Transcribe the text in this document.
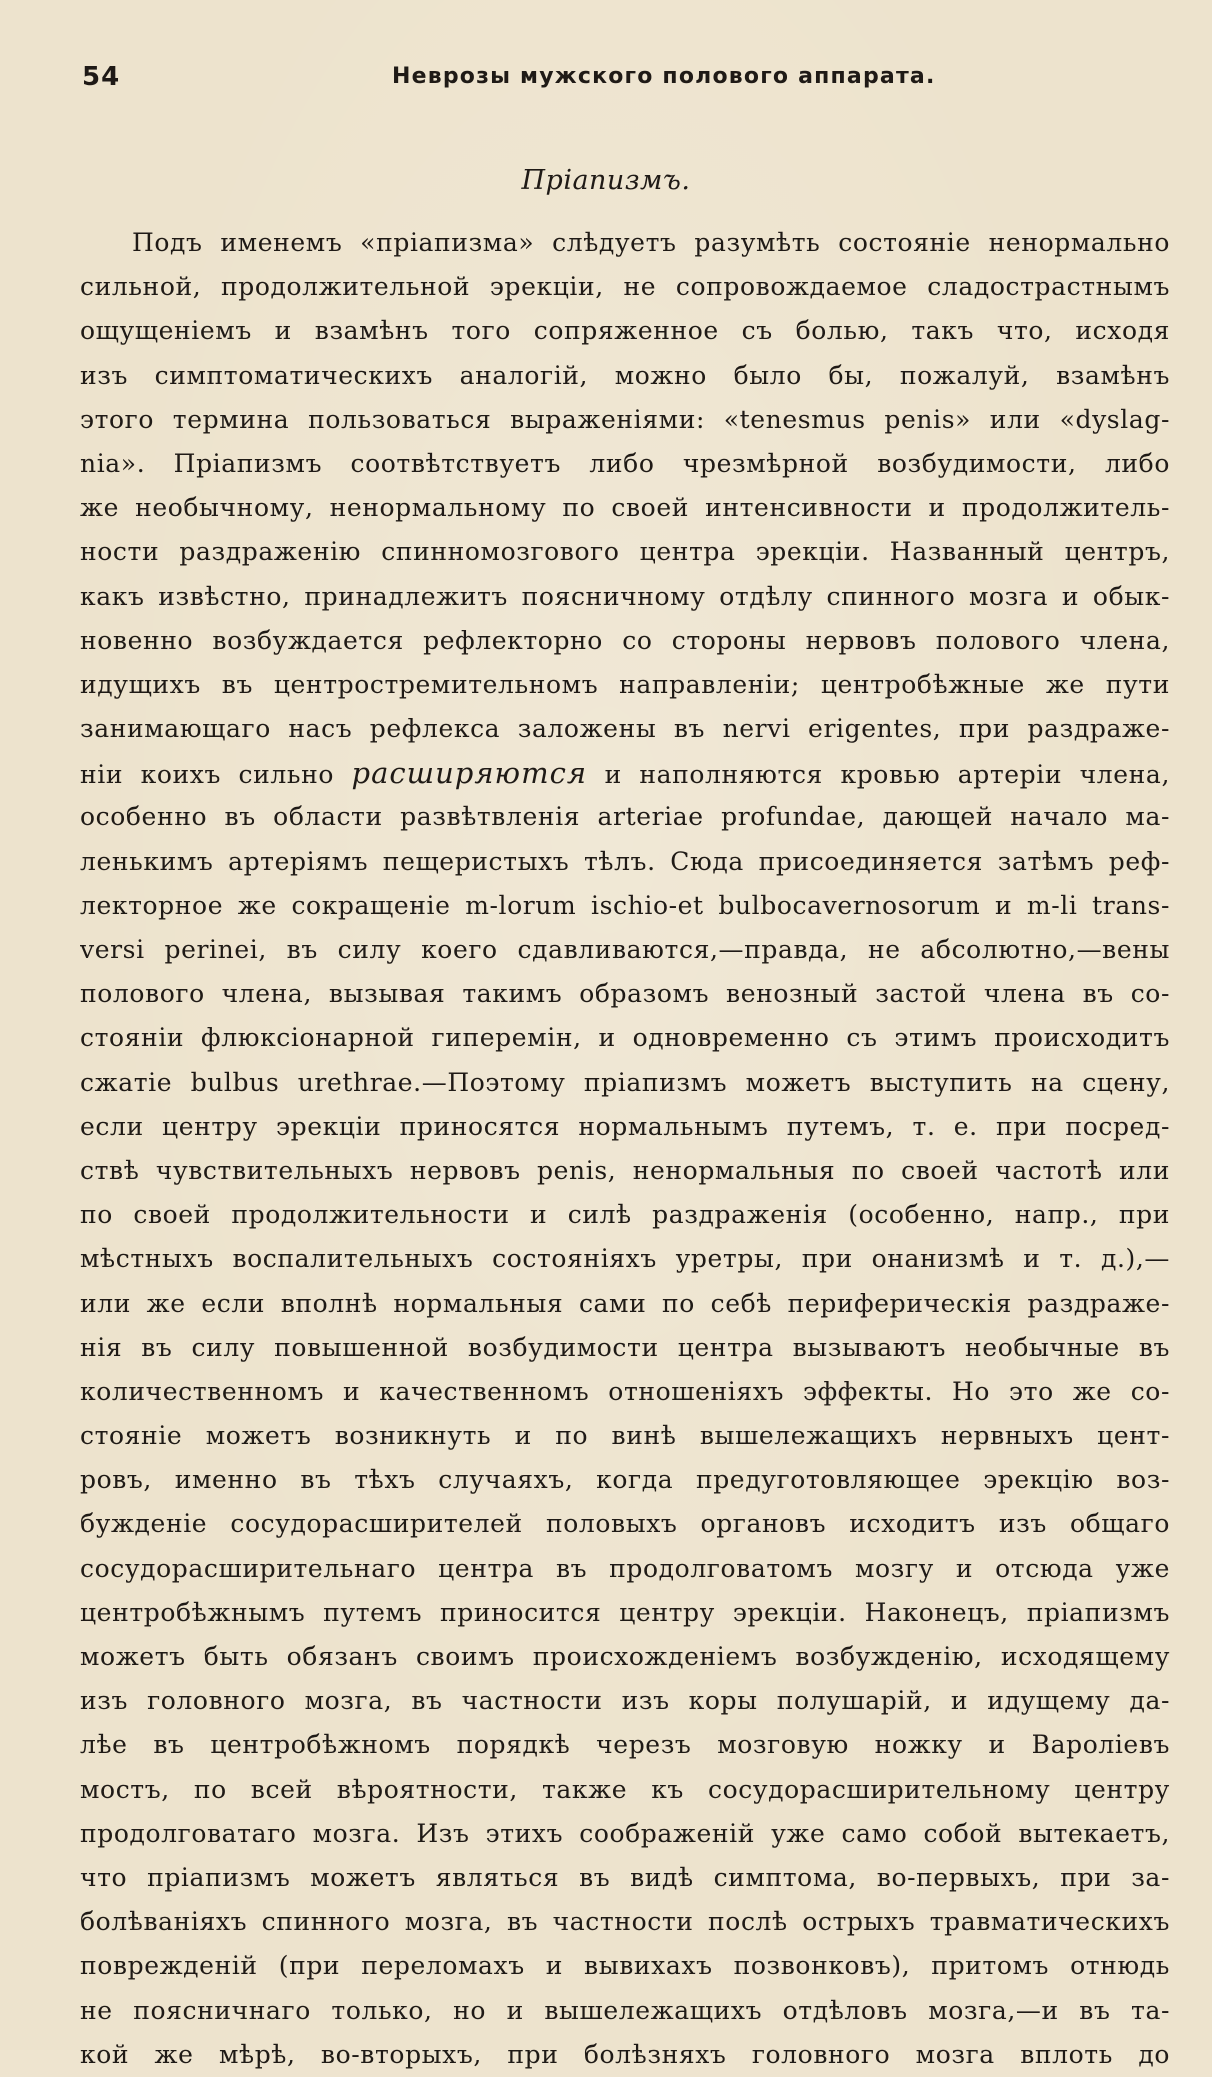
54	Неврозы мужского полового аппарата.
Пріапизмъ.
Подъ именемъ «пріапизма» слѣдуетъ разумѣть состояніе ненормально
сильной, продолжительной эрекціи, не сопровождаемое сладострастнымъ
ощущеніемъ и взамѣнъ того сопряженное съ болью, такъ что, исходя
изъ симптоматическихъ аналогій, можно было бы, пожалуй, взамѣнъ
этого термина пользоваться выраженіями: «tenesmus penis» или «dyslag-
nia». Пріапизмъ соотвѣтствуетъ либо чрезмѣрной возбудимости, либо
же необычному, ненормальному по своей интенсивности и продолжитель-
ности раздраженію спинномозгового центра эрекціи. Названный центръ,
какъ извѣстно, принадлежитъ поясничному отдѣлу спинного мозга и обык-
новенно возбуждается рефлекторно со стороны нервовъ полового члена,
идущихъ въ центростремительномъ направленіи; центробѣжные же пути
занимающаго насъ рефлекса заложены въ nervi erigentes, при раздраже-
ніи коихъ сильно расширяются и наполняются кровью артеріи члена,
особенно въ области развѣтвленія arteriae profundae, дающей начало ма-
ленькимъ артеріямъ пещеристыхъ тѣлъ. Сюда присоединяется затѣмъ реф-
лекторное же сокращеніе m-lorum ischio-et bulbocavernosorum и m-li trans-
versi perinei, въ силу коего сдавливаются,—правда, не абсолютно,—вены
полового члена, вызывая такимъ образомъ венозный застой члена въ со-
стояніи флюксіонарной гиперемін, и одновременно съ этимъ происходитъ
сжатіе bulbus urethrae.—Поэтому пріапизмъ можетъ выступить на сцену,
если центру эрекціи приносятся нормальнымъ путемъ, т. е. при посред-
ствѣ чувствительныхъ нервовъ penis, ненормальныя по своей частотѣ или
по своей продолжительности и силѣ раздраженія (особенно, напр., при
мѣстныхъ воспалительныхъ состояніяхъ уретры, при онанизмѣ и т. д.),—
или же если вполнѣ нормальныя сами по себѣ периферическія раздраже-
нія въ силу повышенной возбудимости центра вызываютъ необычные въ
количественномъ и качественномъ отношеніяхъ эффекты. Но это же со-
стояніе можетъ возникнуть и по винѣ вышележащихъ нервныхъ цент-
ровъ, именно въ тѣхъ случаяхъ, когда предуготовляющее эрекцію воз-
бужденіе сосудорасширителей половыхъ органовъ исходитъ изъ общаго
сосудорасширительнаго центра въ продолговатомъ мозгу и отсюда уже
центробѣжнымъ путемъ приносится центру эрекціи. Наконецъ, пріапизмъ
можетъ быть обязанъ своимъ происхожденіемъ возбужденію, исходящему
изъ головного мозга, въ частности изъ коры полушарій, и идущему да-
лѣе въ центробѣжномъ порядкѣ черезъ мозговую ножку и Вароліевъ
мостъ, по всей вѣроятности, также къ сосудорасширительному центру
продолговатаго мозга. Изъ этихъ соображеній уже само собой вытекаетъ,
что пріапизмъ можетъ являться въ видѣ симптома, во-первыхъ, при за-
болѣваніяхъ спинного мозга, въ частности послѣ острыхъ травматическихъ
поврежденій (при переломахъ и вывихахъ позвонковъ), притомъ отнюдь
не поясничнаго только, но и вышележащихъ отдѣловъ мозга,—и въ та-
кой же мѣрѣ, во-вторыхъ, при болѣзняхъ головного мозга вплоть до
